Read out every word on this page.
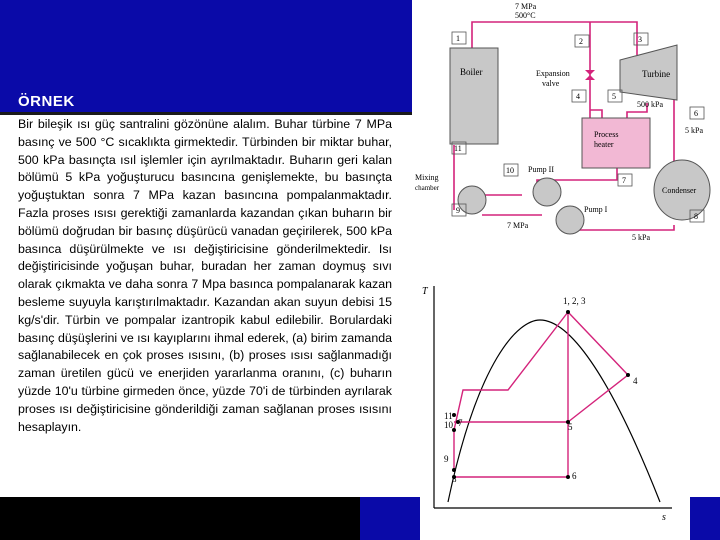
ÖRNEK
Bir bileşik ısı güç santralini gözönüne alalım. Buhar türbine 7 MPa basınç ve 500 °C sıcaklıkta girmektedir. Türbinden bir miktar buhar, 500 kPa basınçta ısıl işlemler için ayrılmaktadır. Buharın geri kalan bölümü 5 kPa yoğuşturucu basıncına genişlemekte, bu basınçta yoğuştuktan sonra 7 MPa kazan basıncına pompalanmaktadır. Fazla proses ısısı gerektiği zamanlarda kazandan çıkan buharın bir bölümü doğrudan bir basınç düşürücü vanadan geçirilerek, 500 kPa basınca düşürülmekte ve ısı değiştiricisine gönderilmektedir. Isı değiştiricisinde yoğuşan buhar, buradan her zaman doymuş sıvı olarak çıkmakta ve daha sonra 7 Mpa basınca pompalanarak kazan besleme suyuyla karıştırılmaktadır. Kazandan akan suyun debisi 15 kg/s'dir. Türbin ve pompalar izantropik kabul edilebilir. Borulardaki basınç düşüşlerini ve ısı kayıplarını ihmal ederek, (a) birim zamanda sağlanabilecek en çok proses ısısını, (b) proses ısısı sağlanmadığı zaman üretilen gücü ve enerjiden yararlanma oranını, (c) buharın yüzde 10'u türbine girmeden önce, yüzde 70'i de türbinden ayrılarak proses ısı değiştiricisine gönderildiği zaman sağlanan proses ısısını hesaplayın.
Boiler	Turbine
Expansion
valve
Process
heater
Condenser
Pump II
Pump I
Mixing
chamber
7 MPa
500°C
500 kPa
5 kPa
7 MPa
5 kPa
1	2	3
4	5
6
7
8
9
10
11
T
s
1, 2, 3
4
5
6
7
8
9
10
11
